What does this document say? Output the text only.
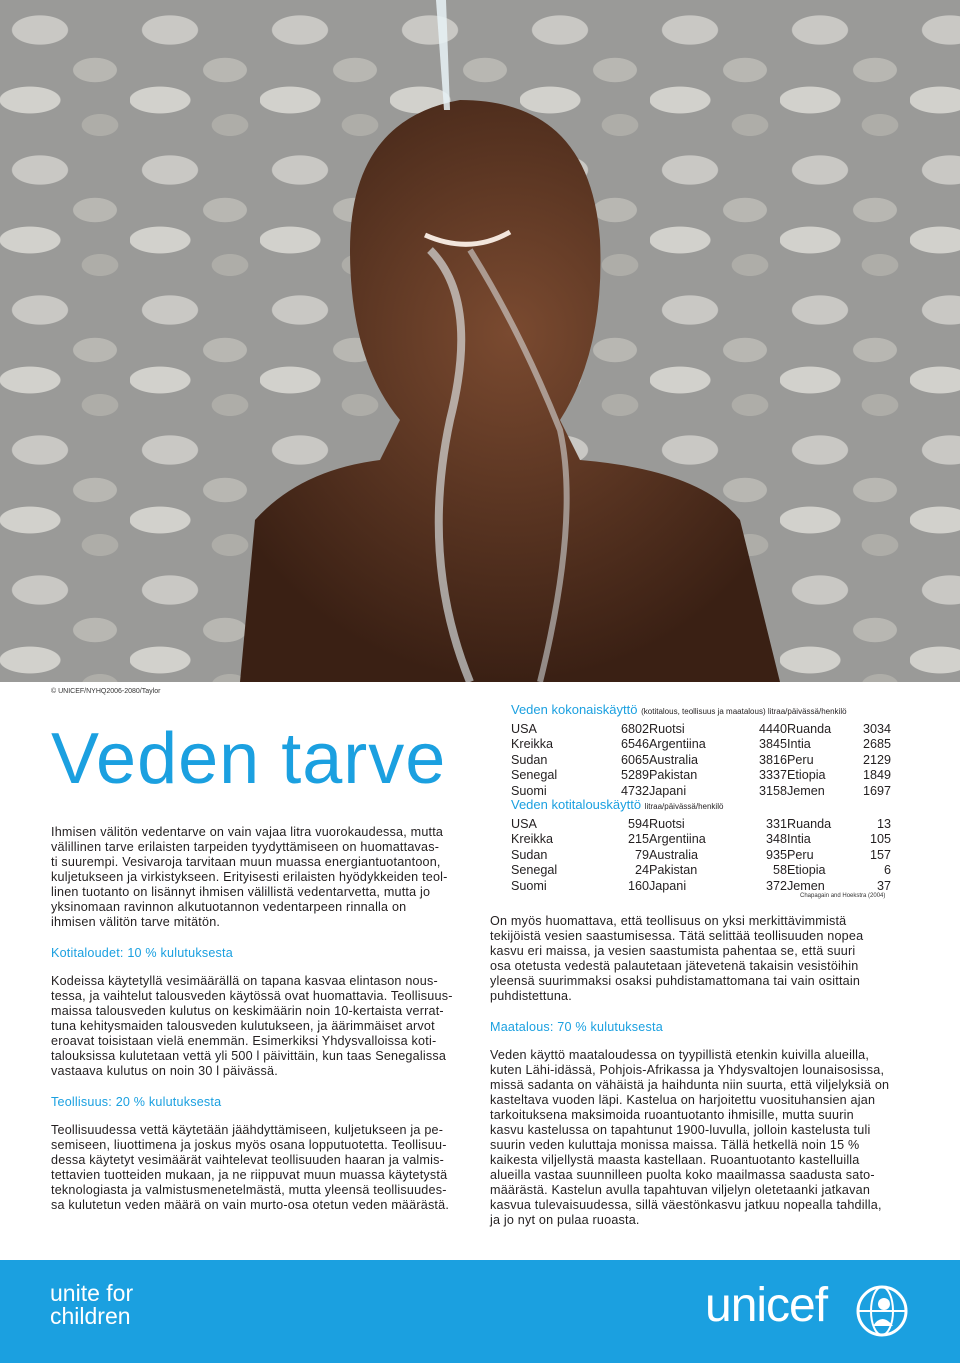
© UNICEF/NYHQ2006-2080/Taylor
Veden tarve

Ihmisen välitön vedentarve on vain vajaa litra vuorokaudessa, mutta
välillinen tarve erilaisten tarpeiden tyydyttämiseen on huomattavas-
ti suurempi. Vesivaroja tarvitaan muun muassa energiantuotantoon,
kuljetukseen ja virkistykseen. Erityisesti erilaisten hyödykkeiden teol-
linen tuotanto on lisännyt ihmisen välillistä vedentarvetta, mutta jo
yksinomaan ravinnon alkutuotannon vedentarpeen rinnalla on
ihmisen välitön tarve mitätön.

Kotitaloudet: 10 % kulutuksesta

Kodeissa käytetyllä vesimäärällä on tapana kasvaa elintason nous-
tessa, ja vaihtelut talousveden käytössä ovat huomattavia. Teollisuus-
maissa talousveden kulutus on keskimäärin noin 10-kertaista verrat-
tuna kehitysmaiden talousveden kulutukseen, ja äärimmäiset arvot
eroavat toisistaan vielä enemmän. Esimerkiksi Yhdysvalloissa koti-
talouksissa kulutetaan vettä yli 500 l päivittäin, kun taas Senegalissa
vastaava kulutus on noin 30 l päivässä.

Teollisuus: 20 % kulutuksesta

Teollisuudessa vettä käytetään jäähdyttämiseen, kuljetukseen ja pe-
semiseen, liuottimena ja joskus myös osana lopputuotetta. Teollisuu-
dessa käytetyt vesimäärät vaihtelevat teollisuuden haaran ja valmis-
tettavien tuotteiden mukaan, ja ne riippuvat muun muassa käytetystä
teknologiasta ja valmistusmenetelmästä, mutta yleensä teollisuudes-
sa kulutetun veden määrä on vain murto-osa otetun veden määrästä.

Veden kokonaiskäyttö (kotitalous, teollisuus ja maatalous) litraa/päivässä/henkilö
USA	6802 Ruotsi	4440 Ruanda	3034
Kreikka	6546 Argentiina	3845 Intia	2685
Sudan	6065 Australia	3816 Peru	2129
Senegal	5289 Pakistan	3337 Etiopia	1849
Suomi	4732 Japani	3158 Jemen	1697
Veden kotitalouskäyttö litraa/päivässä/henkilö
USA	594 Ruotsi	331 Ruanda	13
Kreikka	215 Argentiina	348 Intia	105
Sudan	79 Australia	935 Peru	157
Senegal	24 Pakistan	58 Etiopia	6
Suomi	160 Japani	372 Jemen	37
Chapagain and Hoekstra (2004)

On myös huomattava, että teollisuus on yksi merkittävimmistä
tekijöistä vesien saastumisessa. Tätä selittää teollisuuden nopea
kasvu eri maissa, ja vesien saastumista pahentaa se, että suuri
osa otetusta vedestä palautetaan jätevetenä takaisin vesistöihin
yleensä suurimmaksi osaksi puhdistamattomana tai vain osittain
puhdistettuna.

Maatalous: 70 % kulutuksesta

Veden käyttö maataloudessa on tyypillistä etenkin kuivilla alueilla,
kuten Lähi-idässä, Pohjois-Afrikassa ja Yhdysvaltojen lounaisosissa,
missä sadanta on vähäistä ja haihdunta niin suurta, että viljelyksiä on
kasteltava vuoden läpi. Kastelua on harjoitettu vuosituhansien ajan
tarkoituksena maksimoida ruoantuotanto ihmisille, mutta suurin
kasvu kastelussa on tapahtunut 1900-luvulla, jolloin kastelusta tuli
suurin veden kuluttaja monissa maissa. Tällä hetkellä noin 15 %
kaikesta viljellystä maasta kastellaan. Ruoantuotanto kastelluilla
alueilla vastaa suunnilleen puolta koko maailmassa saadusta sato-
määrästä. Kastelun avulla tapahtuvan viljelyn oletetaanki jatkavan
kasvua tulevaisuudessa, sillä väestönkasvu jatkuu nopealla tahdilla,
ja jo nyt on pulaa ruoasta.

unite for
children	unicef
